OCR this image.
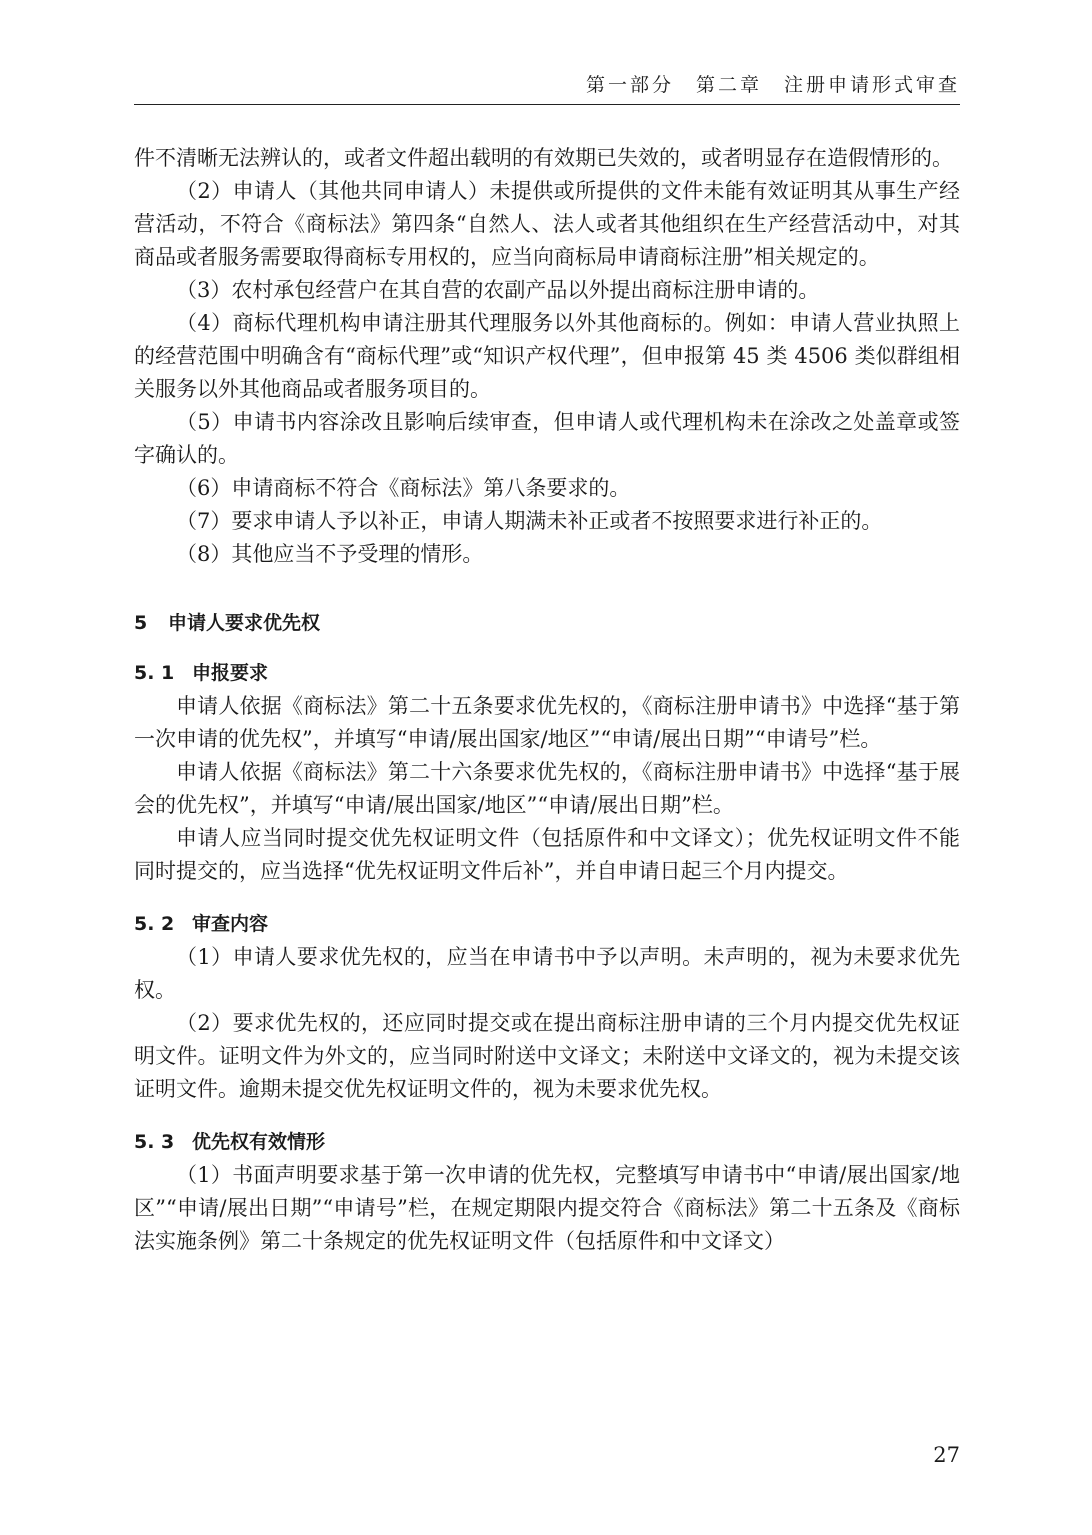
第一部分 第二章 注册申请形式审查

件不清晰无法辨认的，或者文件超出载明的有效期已失效的，或者明显存在造假情形的。

（2）申请人（其他共同申请人）未提供或所提供的文件未能有效证明其从事生产经营活动，不符合《商标法》第四条“自然人、法人或者其他组织在生产经营活动中，对其商品或者服务需要取得商标专用权的，应当向商标局申请商标注册”相关规定的。

（3）农村承包经营户在其自营的农副产品以外提出商标注册申请的。

（4）商标代理机构申请注册其代理服务以外其他商标的。例如：申请人营业执照上的经营范围中明确含有“商标代理”或“知识产权代理”，但申报第 45 类 4506 类似群组相关服务以外其他商品或者服务项目的。

（5）申请书内容涂改且影响后续审查，但申请人或代理机构未在涂改之处盖章或签字确认的。

（6）申请商标不符合《商标法》第八条要求的。

（7）要求申请人予以补正，申请人期满未补正或者不按照要求进行补正的。

（8）其他应当不予受理的情形。

5 申请人要求优先权

5. 1 申报要求

申请人依据《商标法》第二十五条要求优先权的，《商标注册申请书》中选择“基于第一次申请的优先权”，并填写“申请/展出国家/地区”“申请/展出日期”“申请号”栏。

申请人依据《商标法》第二十六条要求优先权的，《商标注册申请书》中选择“基于展会的优先权”，并填写“申请/展出国家/地区”“申请/展出日期”栏。

申请人应当同时提交优先权证明文件（包括原件和中文译文）；优先权证明文件不能同时提交的，应当选择“优先权证明文件后补”，并自申请日起三个月内提交。

5. 2 审查内容

（1）申请人要求优先权的，应当在申请书中予以声明。未声明的，视为未要求优先权。

（2）要求优先权的，还应同时提交或在提出商标注册申请的三个月内提交优先权证明文件。证明文件为外文的，应当同时附送中文译文；未附送中文译文的，视为未提交该证明文件。逾期未提交优先权证明文件的，视为未要求优先权。

5. 3 优先权有效情形

（1）书面声明要求基于第一次申请的优先权，完整填写申请书中“申请/展出国家/地区”“申请/展出日期”“申请号”栏，在规定期限内提交符合《商标法》第二十五条及《商标法实施条例》第二十条规定的优先权证明文件（包括原件和中文译文）

27
